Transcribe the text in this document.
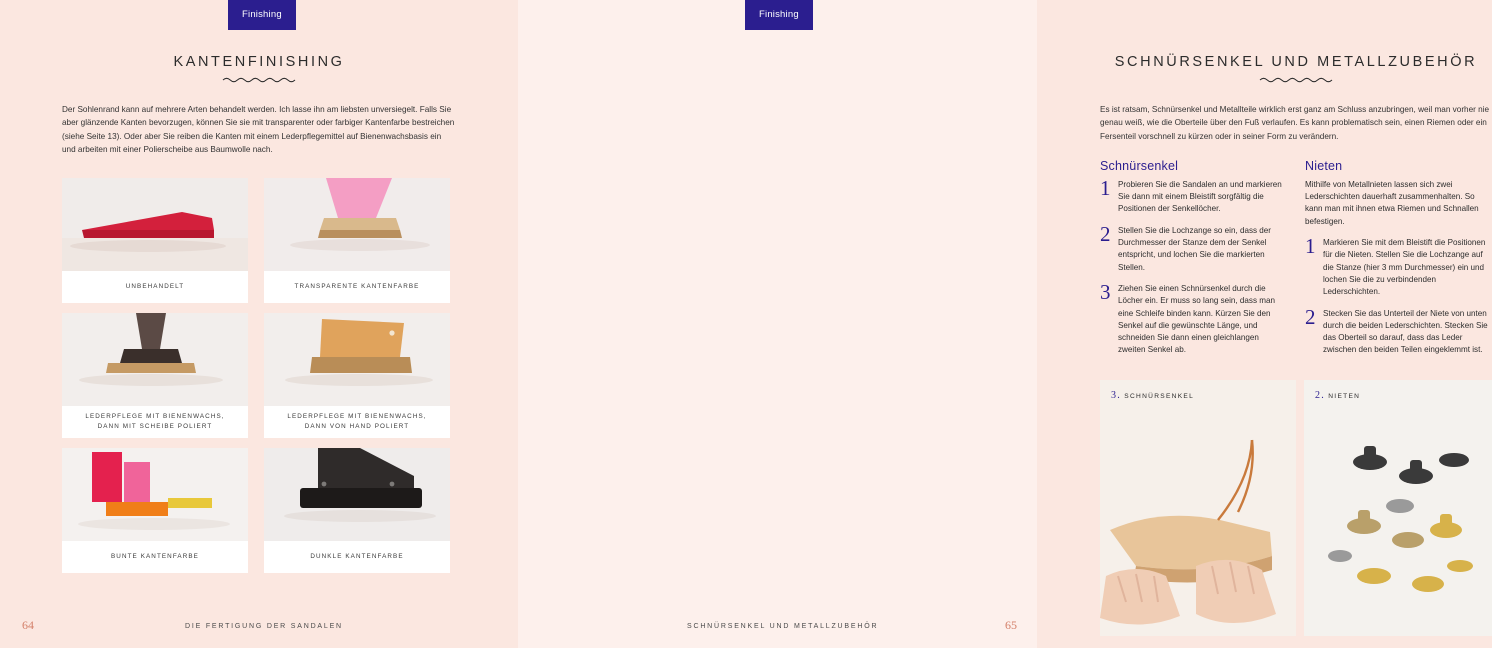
Finishing
KANTENFINISHING

Der Sohlenrand kann auf mehrere Arten behandelt werden. Ich lasse ihn am liebsten unversiegelt. Falls Sie aber glänzende Kanten bevorzugen, können Sie sie mit transparenter oder farbiger Kantenfarbe bestreichen (siehe Seite 13). Oder aber Sie reiben die Kanten mit einem Lederpflegemittel auf Bienenwachsbasis ein und arbeiten mit einer Polierscheibe aus Baumwolle nach.

UNBEHANDELT	TRANSPARENTE KANTENFARBE
LEDERPFLEGE MIT BIENENWACHS,
DANN MIT SCHEIBE POLIERT
LEDERPFLEGE MIT BIENENWACHS,
DANN VON HAND POLIERT
BUNTE KANTENFARBE	DUNKLE KANTENFARBE
64	DIE FERTIGUNG DER SANDALEN
Finishing
SCHNÜRSENKEL UND METALLZUBEHÖR

Es ist ratsam, Schnürsenkel und Metallteile wirklich erst ganz am Schluss anzubringen, weil man vorher nie genau weiß, wie die Oberteile über den Fuß verlaufen. Es kann problematisch sein, einen Riemen oder ein Fersenteil vorschnell zu kürzen oder in seiner Form zu verändern.

Schnürsenkel
1 Probieren Sie die Sandalen an und markieren Sie dann mit einem Bleistift sorgfältig die Positionen der Senkellöcher.
2 Stellen Sie die Lochzange so ein, dass der Durchmesser der Stanze dem der Senkel entspricht, und lochen Sie die markierten Stellen.
3 Ziehen Sie einen Schnürsenkel durch die Löcher ein. Er muss so lang sein, dass man eine Schleife binden kann. Kürzen Sie den Senkel auf die gewünschte Länge, und schneiden Sie dann einen gleichlangen zweiten Senkel ab.
Nieten
Mithilfe von Metallnieten lassen sich zwei Lederschichten dauerhaft zusammenhalten. So kann man mit ihnen etwa Riemen und Schnallen befestigen.
1 Markieren Sie mit dem Bleistift die Positionen für die Nieten. Stellen Sie die Lochzange auf die Stanze (hier 3 mm Durchmesser) ein und lochen Sie die zu verbindenden Lederschichten.
2 Stecken Sie das Unterteil der Niete von unten durch die beiden Lederschichten. Stecken Sie das Oberteil so darauf, dass das Leder zwischen den beiden Teilen eingeklemmt ist.
3. SCHNÜRSENKEL	2. NIETEN
SCHNÜRSENKEL UND METALLZUBEHÖR	65
